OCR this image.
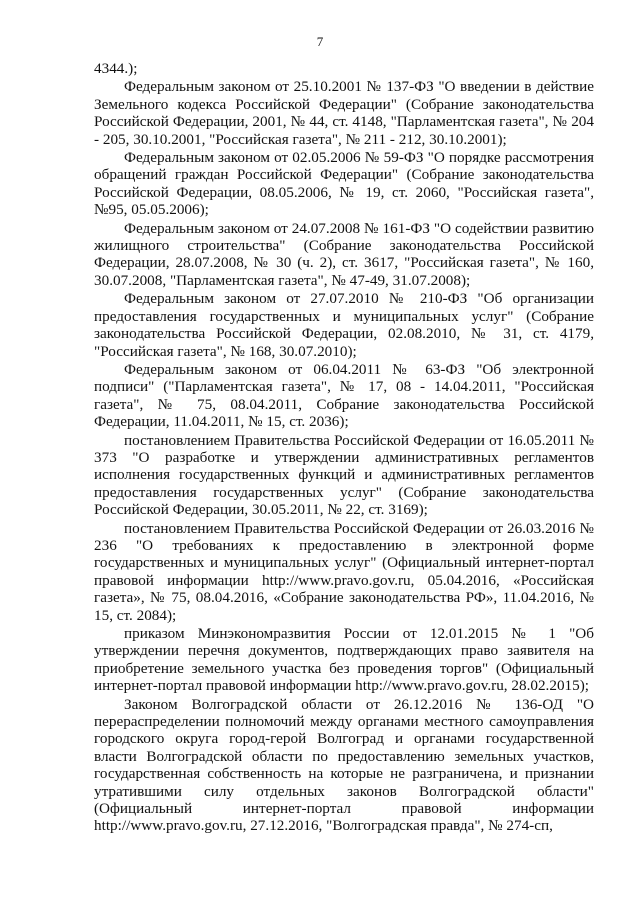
7

4344.);

Федеральным законом от 25.10.2001 № 137-ФЗ "О введении в действие Земельного кодекса Российской Федерации" (Собрание законодательства Российской Федерации, 2001, № 44, ст. 4148, "Парламентская газета", № 204 - 205, 30.10.2001, "Российская газета", № 211 - 212, 30.10.2001);

Федеральным законом от 02.05.2006 № 59-ФЗ "О порядке рассмотрения обращений граждан Российской Федерации" (Собрание законодательства Российской Федерации, 08.05.2006, № 19, ст. 2060, "Российская газета", №95, 05.05.2006);

Федеральным законом от 24.07.2008 № 161-ФЗ "О содействии развитию жилищного строительства" (Собрание законодательства Российской Федерации, 28.07.2008, № 30 (ч. 2), ст. 3617, "Российская газета", № 160, 30.07.2008, "Парламентская газета", № 47-49, 31.07.2008);

Федеральным законом от 27.07.2010 № 210-ФЗ "Об организации предоставления государственных и муниципальных услуг" (Собрание законодательства Российской Федерации, 02.08.2010, № 31, ст. 4179, "Российская газета", № 168, 30.07.2010);

Федеральным законом от 06.04.2011 № 63-ФЗ "Об электронной подписи" ("Парламентская газета", № 17, 08 - 14.04.2011, "Российская газета", № 75, 08.04.2011, Собрание законодательства Российской Федерации, 11.04.2011, № 15, ст. 2036);

постановлением Правительства Российской Федерации от 16.05.2011 № 373 "О разработке и утверждении административных регламентов исполнения государственных функций и административных регламентов предоставления государственных услуг" (Собрание законодательства Российской Федерации, 30.05.2011, № 22, ст. 3169);

постановлением Правительства Российской Федерации от 26.03.2016 № 236 "О требованиях к предоставлению в электронной форме государственных и муниципальных услуг" (Официальный интернет-портал правовой информации http://www.pravo.gov.ru, 05.04.2016, «Российская газета», № 75, 08.04.2016, «Собрание законодательства РФ», 11.04.2016, № 15, ст. 2084);

приказом Минэкономразвития России от 12.01.2015 № 1 "Об утверждении перечня документов, подтверждающих право заявителя на приобретение земельного участка без проведения торгов" (Официальный интернет-портал правовой информации http://www.pravo.gov.ru, 28.02.2015);

Законом Волгоградской области от 26.12.2016 № 136-ОД "О перераспределении полномочий между органами местного самоуправления городского округа город-герой Волгоград и органами государственной власти Волгоградской области по предоставлению земельных участков, государственная собственность на которые не разграничена, и признании утратившими силу отдельных законов Волгоградской области" (Официальный интернет-портал правовой информации http://www.pravo.gov.ru, 27.12.2016, "Волгоградская правда", № 274-сп,
